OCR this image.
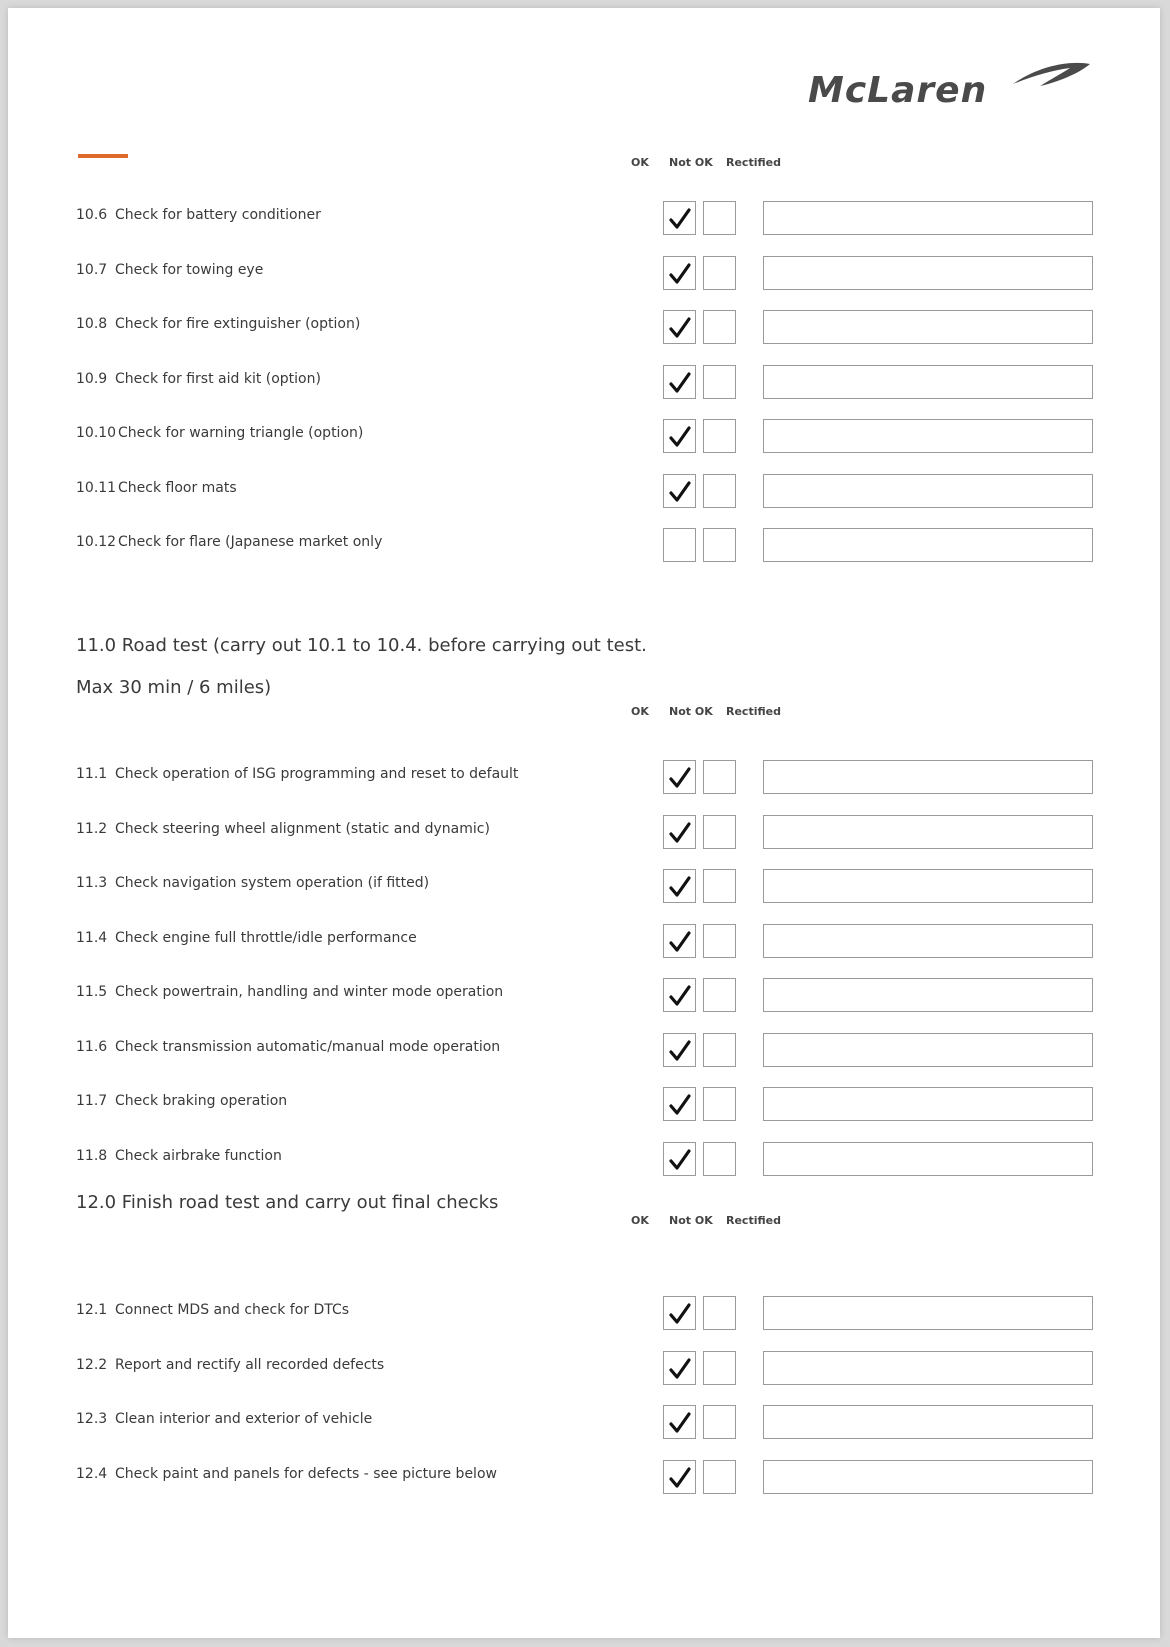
McLaren
OK Not OK Rectified
10.6 Check for battery conditioner
10.7 Check for towing eye
10.8 Check for fire extinguisher (option)
10.9 Check for first aid kit (option)
10.10 Check for warning triangle (option)
10.11 Check floor mats
10.12 Check for flare (Japanese market only
11.0 Road test (carry out 10.1 to 10.4. before carrying out test.
Max 30 min / 6 miles)
OK Not OK Rectified
11.1 Check operation of ISG programming and reset to default
11.2 Check steering wheel alignment (static and dynamic)
11.3 Check navigation system operation (if fitted)
11.4 Check engine full throttle/idle performance
11.5 Check powertrain, handling and winter mode operation
11.6 Check transmission automatic/manual mode operation
11.7 Check braking operation
11.8 Check airbrake function
12.0 Finish road test and carry out final checks
OK Not OK Rectified
12.1 Connect MDS and check for DTCs
12.2 Report and rectify all recorded defects
12.3 Clean interior and exterior of vehicle
12.4 Check paint and panels for defects - see picture below
